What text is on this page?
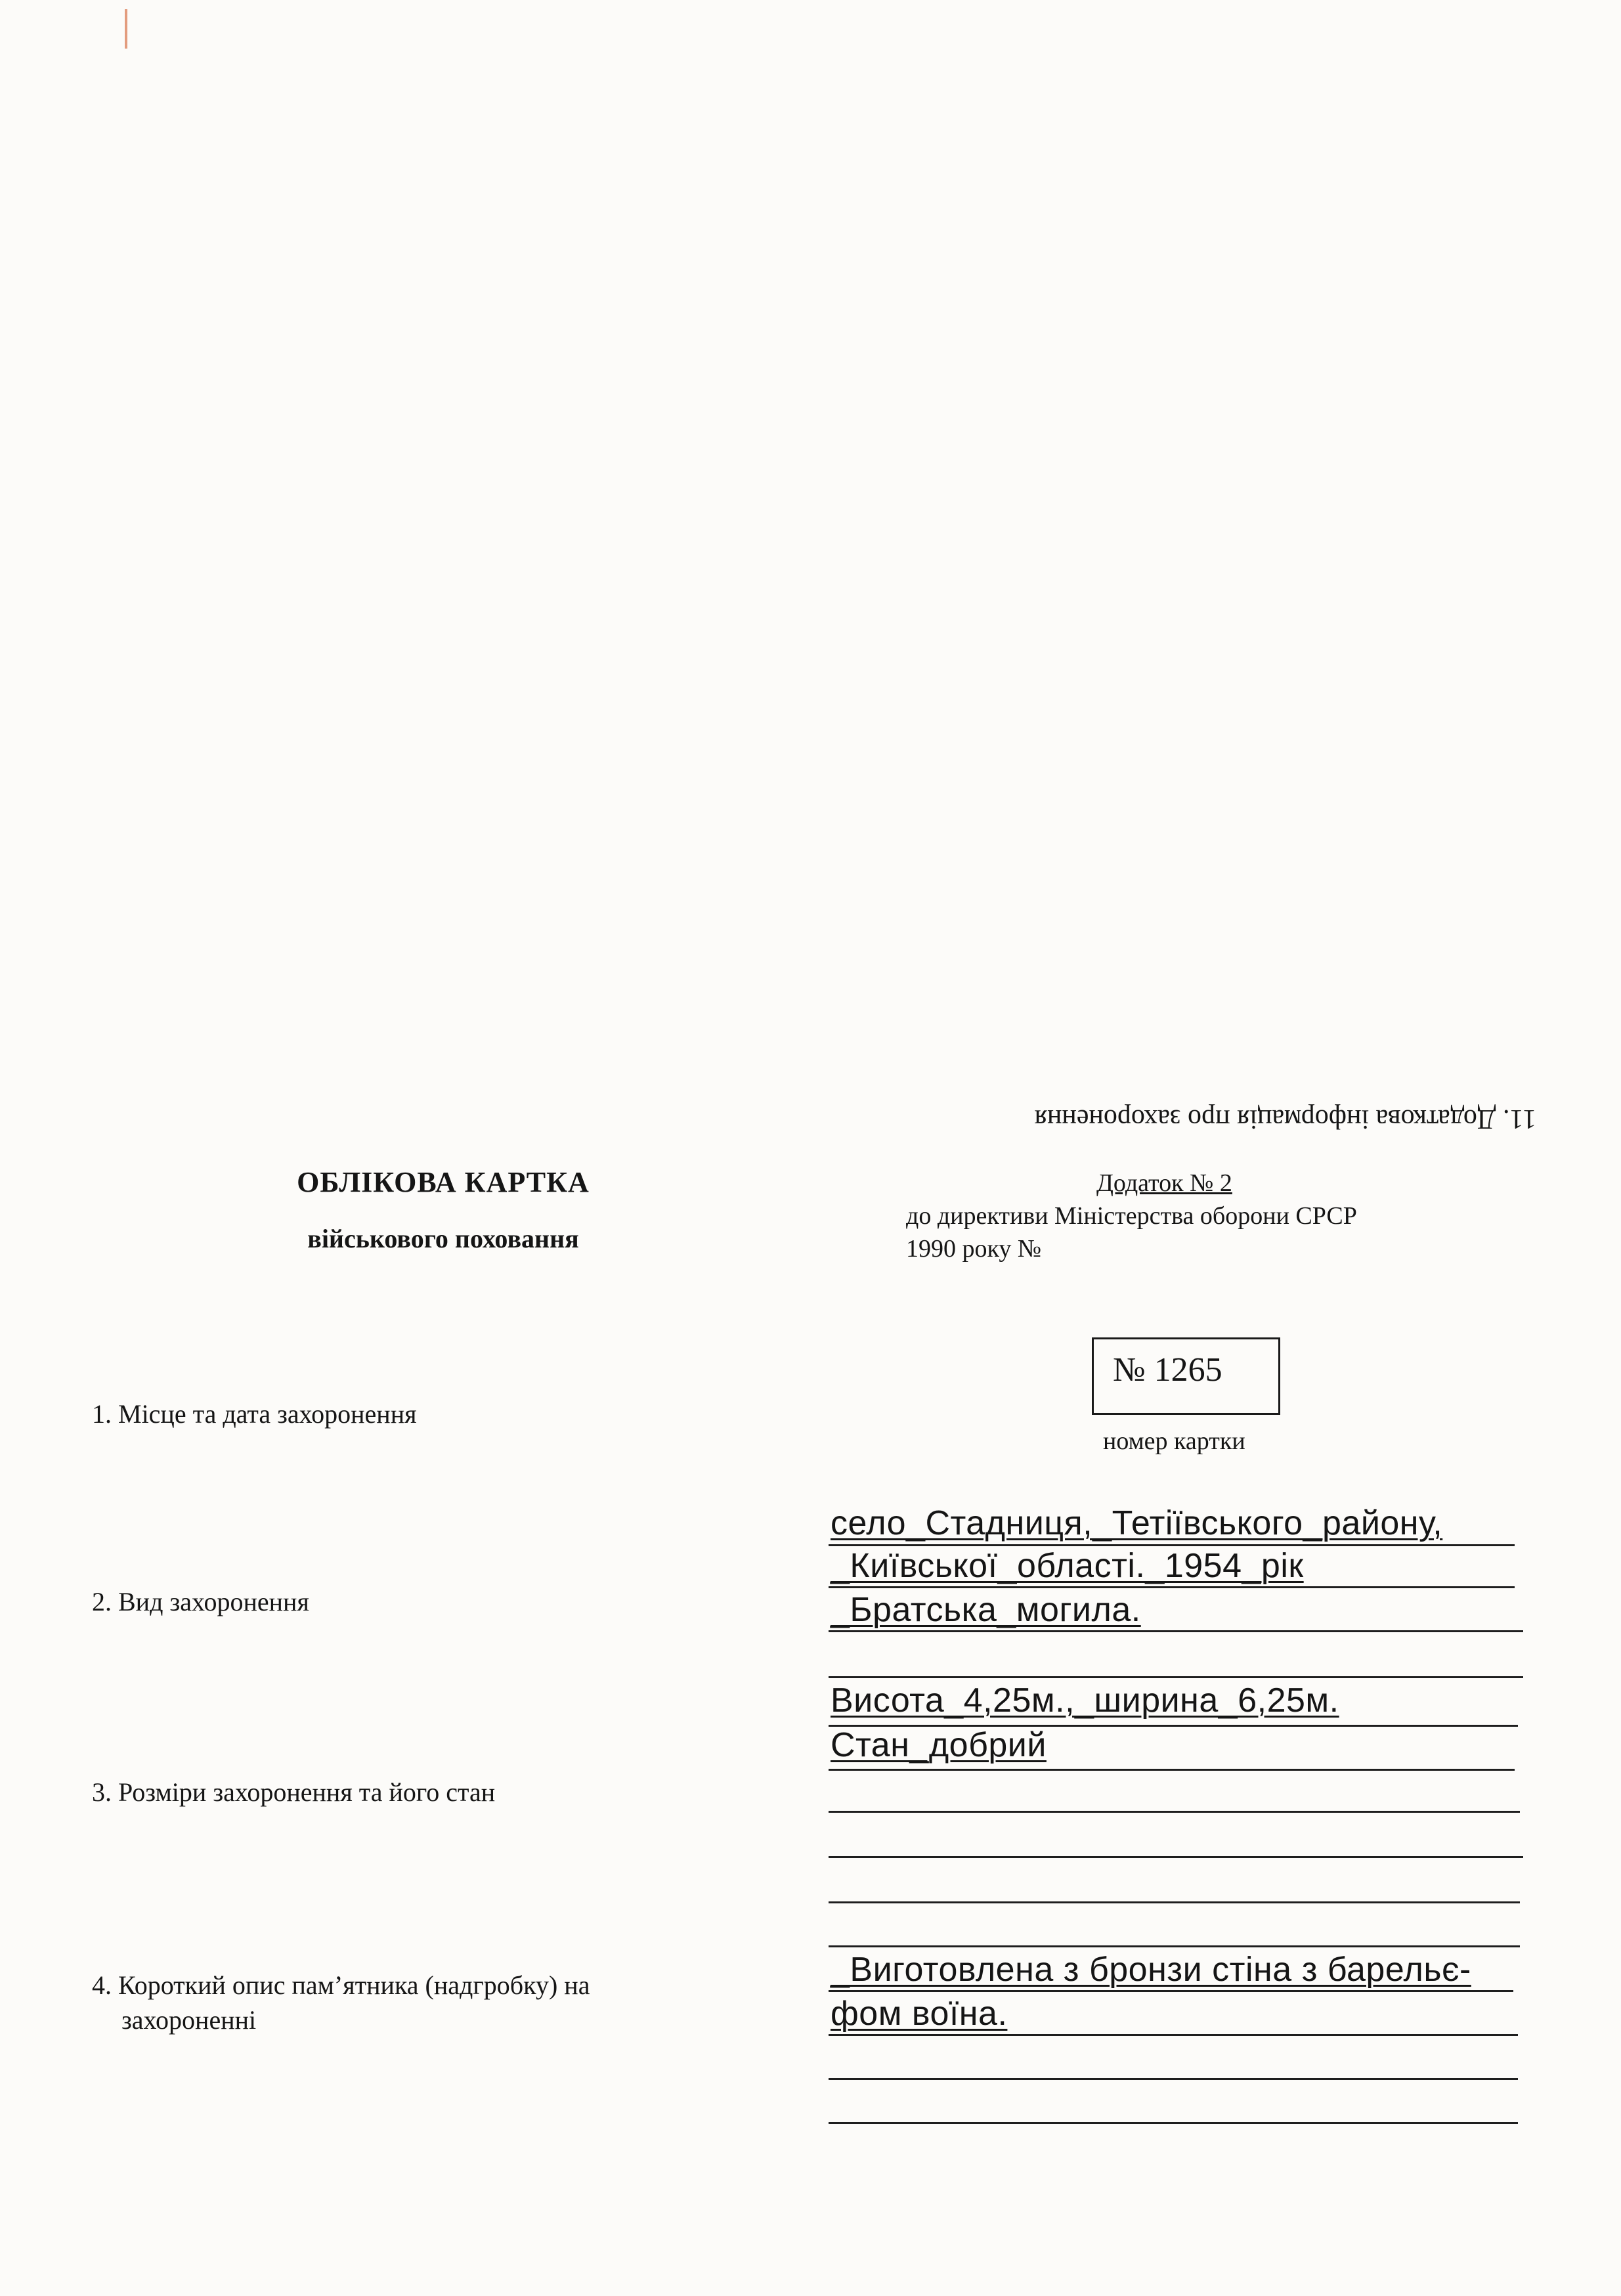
11. Додаткова інформація про захоронення
ОБЛІКОВА КАРТКА
військового поховання
Додаток № 2
до директиви Міністерства оборони СРСР
1990 року №
№ 1265
номер картки
1. Місце та дата захоронення
2. Вид захоронення
3. Розміри захоронення та його стан
4. Короткий опис пам’ятника (надгробку) на
захороненні
село_Стадниця,_Тетіївського_району,
_Київської_області._1954_рік
_Братська_могила.
Висота_4,25м.,_ширина_6,25м.
Стан_добрий
_Виготовлена з бронзи стіна з барельє-
фом воїна.
